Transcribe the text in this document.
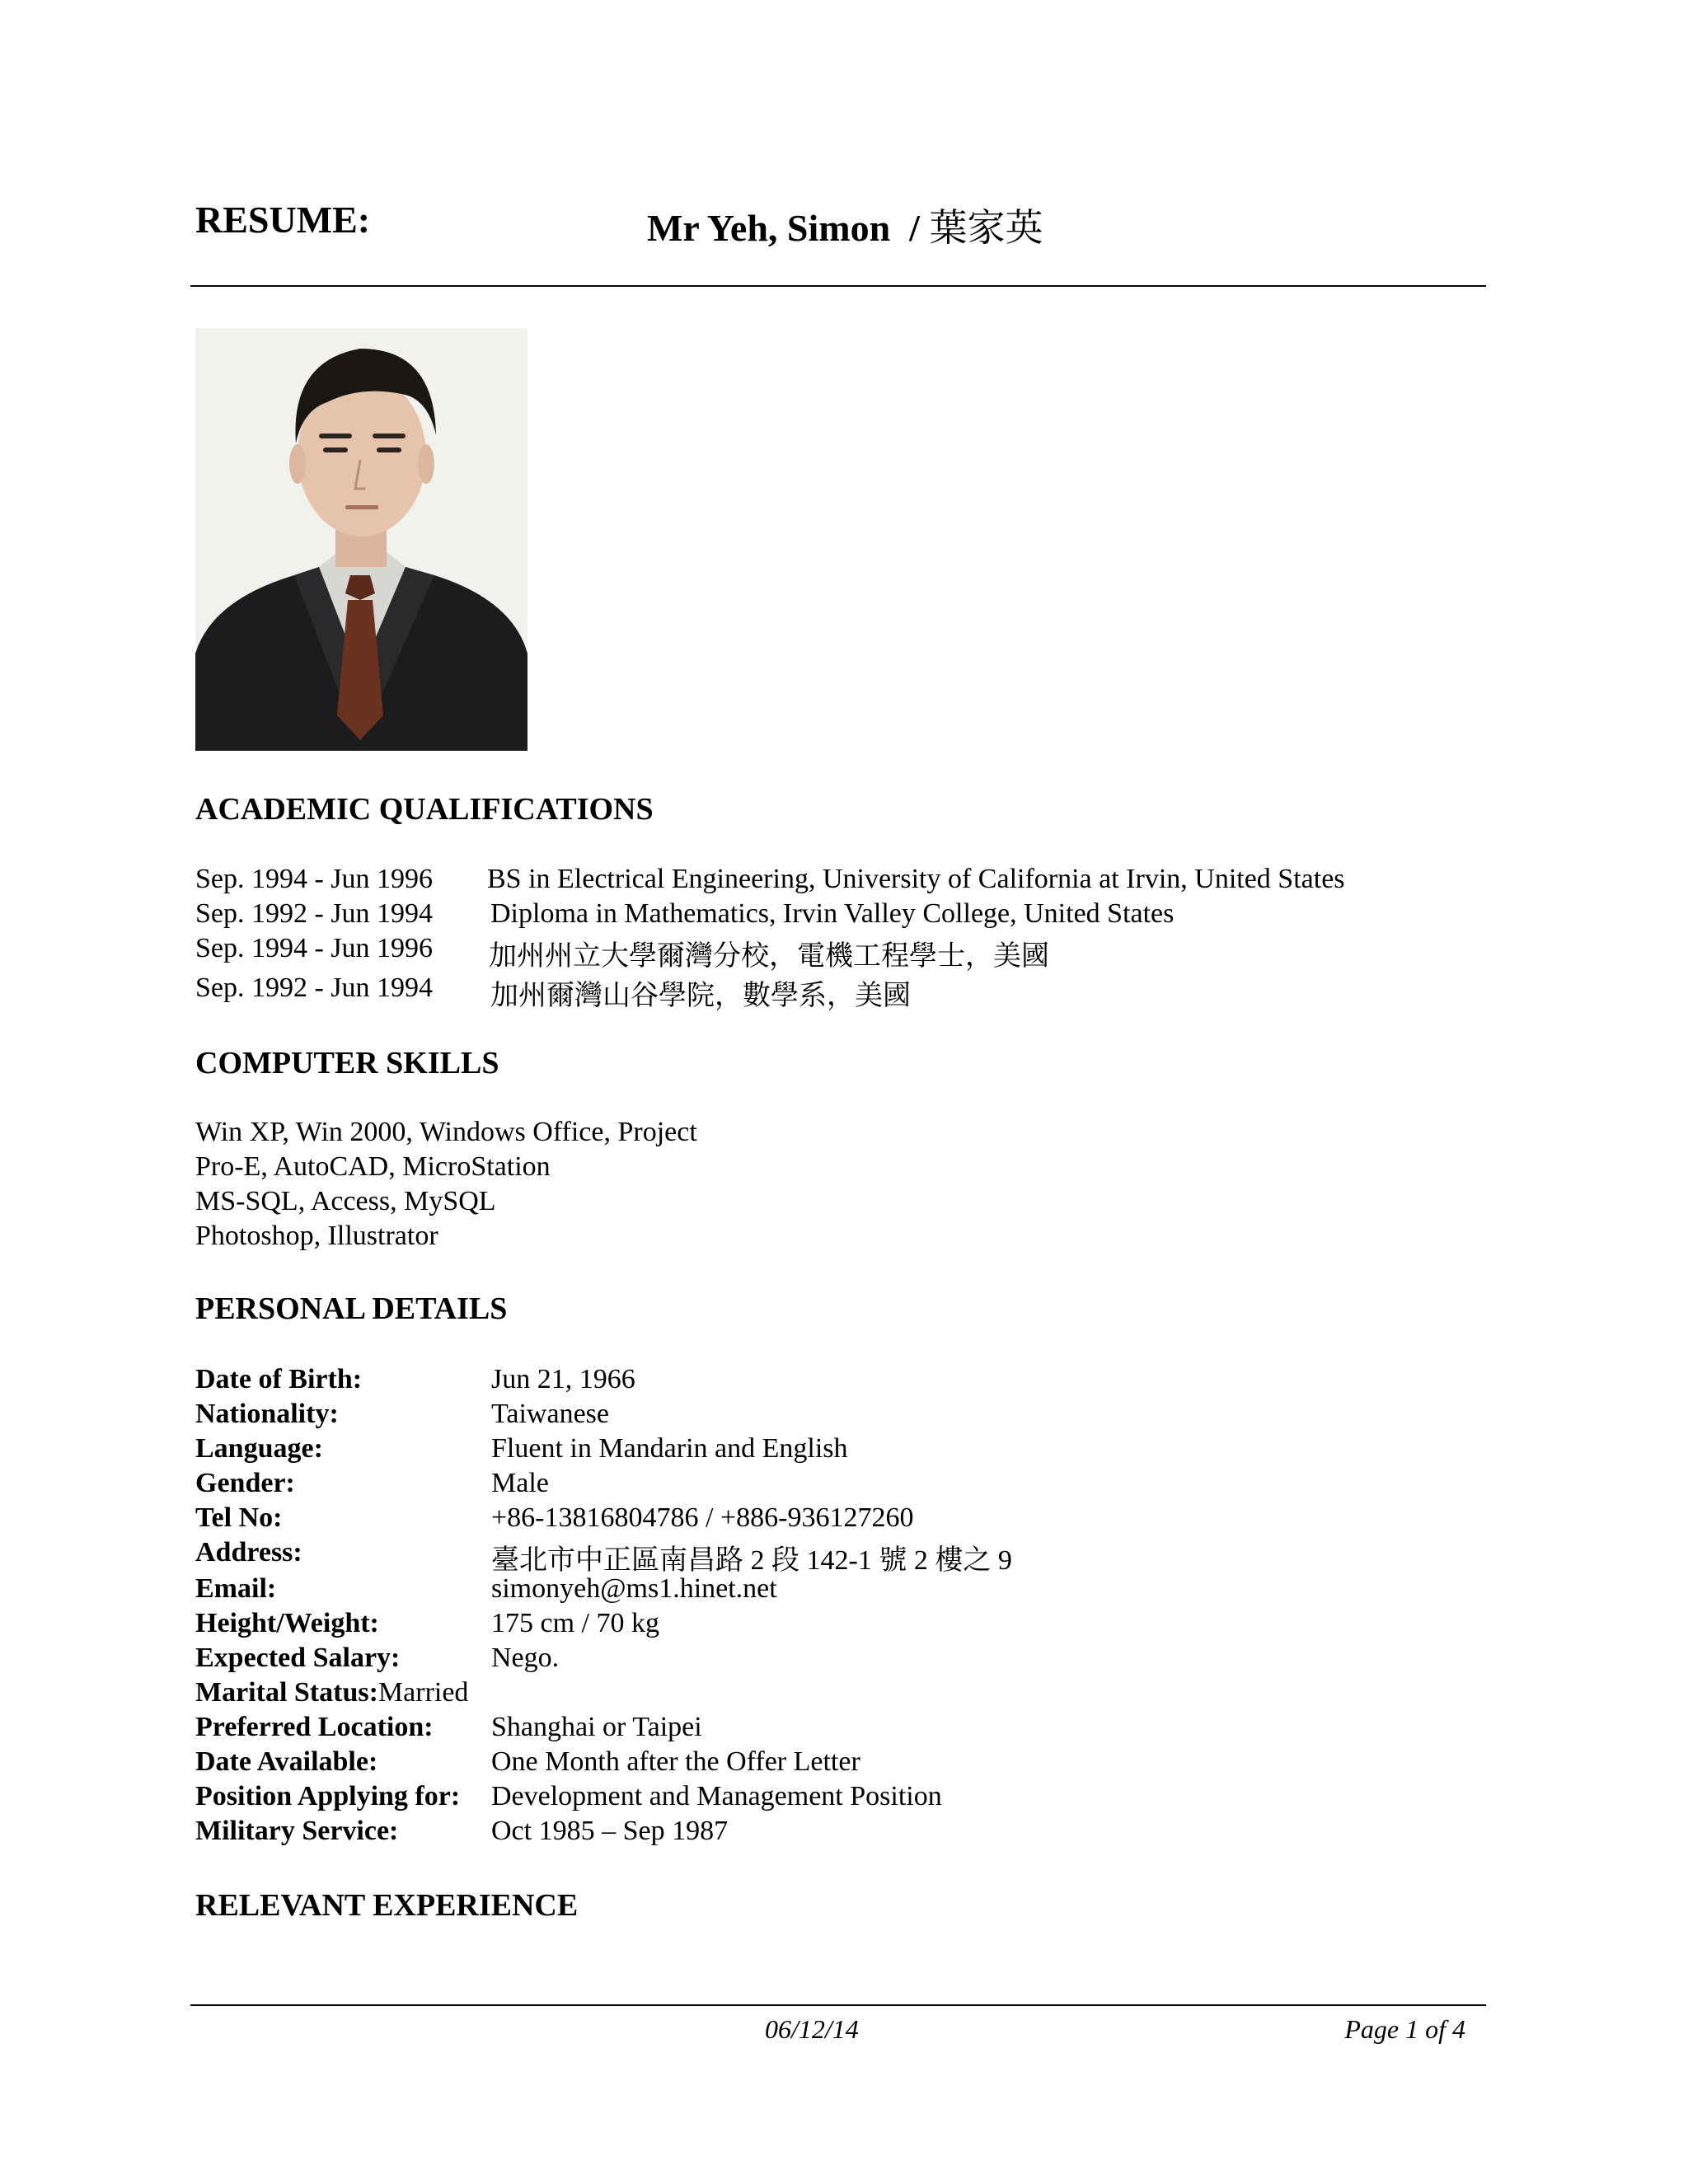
RESUME:	Mr Yeh, Simon  / 葉家英
ACADEMIC QUALIFICATIONS
Sep. 1994 - Jun 1996 BS in Electrical Engineering, University of California at Irvin, United States
Sep. 1992 - Jun 1994 Diploma in Mathematics, Irvin Valley College, United States
Sep. 1994 - Jun 1996 加州州立大學爾灣分校，電機工程學士，美國
Sep. 1992 - Jun 1994 加州爾灣山谷學院，數學系，美國
COMPUTER SKILLS
Win XP, Win 2000, Windows Office, Project
Pro-E, AutoCAD, MicroStation
MS-SQL, Access, MySQL
Photoshop, Illustrator
PERSONAL DETAILS
Date of Birth:	Jun 21, 1966
Nationality:	Taiwanese
Language:	Fluent in Mandarin and English
Gender:	Male
Tel No:	+86-13816804786 / +886-936127260
Address:	臺北市中正區南昌路 2 段 142-1 號 2 樓之 9
Email:	simonyeh@ms1.hinet.net
Height/Weight:	175 cm / 70 kg
Expected Salary:	Nego.
Marital Status:Married
Preferred Location: Shanghai or Taipei
Date Available:	One Month after the Offer Letter
Position Applying for: Development and Management Position
Military Service:	Oct 1985 – Sep 1987
RELEVANT EXPERIENCE
06/12/14	Page 1 of 4
